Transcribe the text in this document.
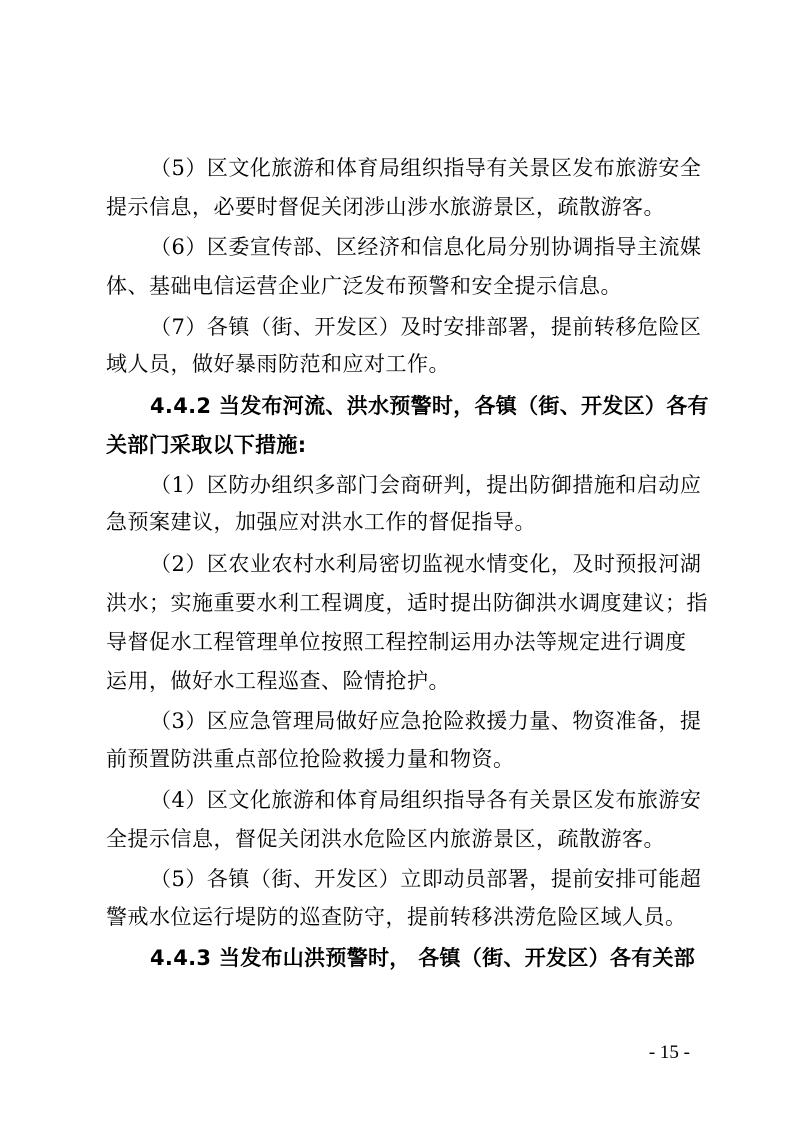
（5）区文化旅游和体育局组织指导有关景区发布旅游安全
提示信息，必要时督促关闭涉山涉水旅游景区，疏散游客。
（6）区委宣传部、区经济和信息化局分别协调指导主流媒
体、基础电信运营企业广泛发布预警和安全提示信息。
（7）各镇（街、开发区）及时安排部署，提前转移危险区
域人员，做好暴雨防范和应对工作。
4.4.2 当发布河流、洪水预警时，各镇（街、开发区）各有
关部门采取以下措施:
（1）区防办组织多部门会商研判，提出防御措施和启动应
急预案建议，加强应对洪水工作的督促指导。
（2）区农业农村水利局密切监视水情变化，及时预报河湖
洪水；实施重要水利工程调度，适时提出防御洪水调度建议；指
导督促水工程管理单位按照工程控制运用办法等规定进行调度
运用，做好水工程巡查、险情抢护。
（3）区应急管理局做好应急抢险救援力量、物资准备，提
前预置防洪重点部位抢险救援力量和物资。
（4）区文化旅游和体育局组织指导各有关景区发布旅游安
全提示信息，督促关闭洪水危险区内旅游景区，疏散游客。
（5）各镇（街、开发区）立即动员部署，提前安排可能超
警戒水位运行堤防的巡查防守，提前转移洪涝危险区域人员。
4.4.3 当发布山洪预警时， 各镇（街、开发区）各有关部
- 15 -
